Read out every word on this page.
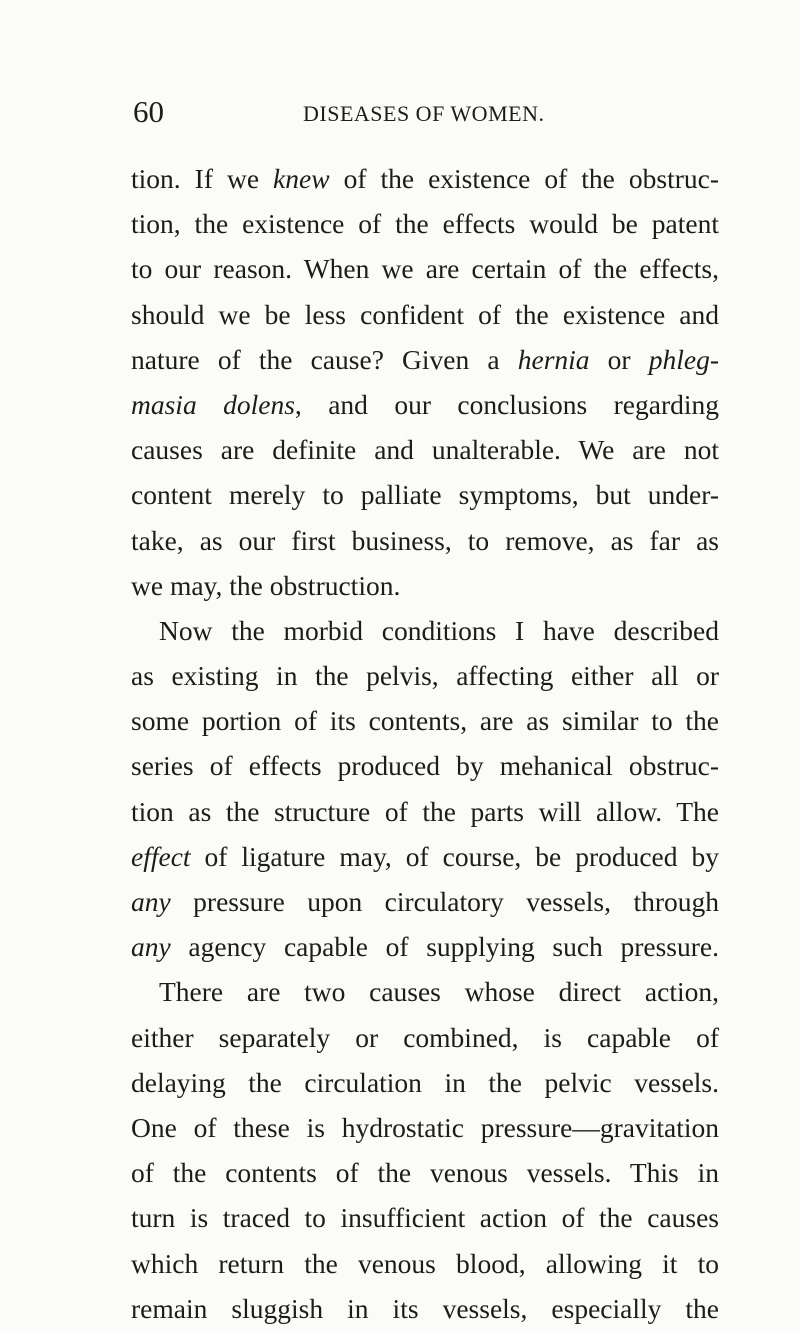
60	DISEASES OF WOMEN.
tion. If we knew of the existence of the obstruc-
tion, the existence of the effects would be patent
to our reason. When we are certain of the effects,
should we be less confident of the existence and
nature of the cause? Given a hernia or phleg-
masia dolens, and our conclusions regarding
causes are definite and unalterable. We are not
content merely to palliate symptoms, but under-
take, as our first business, to remove, as far as
we may, the obstruction.
Now the morbid conditions I have described
as existing in the pelvis, affecting either all or
some portion of its contents, are as similar to the
series of effects produced by mehanical obstruc-
tion as the structure of the parts will allow. The
effect of ligature may, of course, be produced by
any pressure upon circulatory vessels, through
any agency capable of supplying such pressure.
There are two causes whose direct action,
either separately or combined, is capable of
delaying the circulation in the pelvic vessels.
One of these is hydrostatic pressure—gravitation
of the contents of the venous vessels. This in
turn is traced to insufficient action of the causes
which return the venous blood, allowing it to
remain sluggish in its vessels, especially the
